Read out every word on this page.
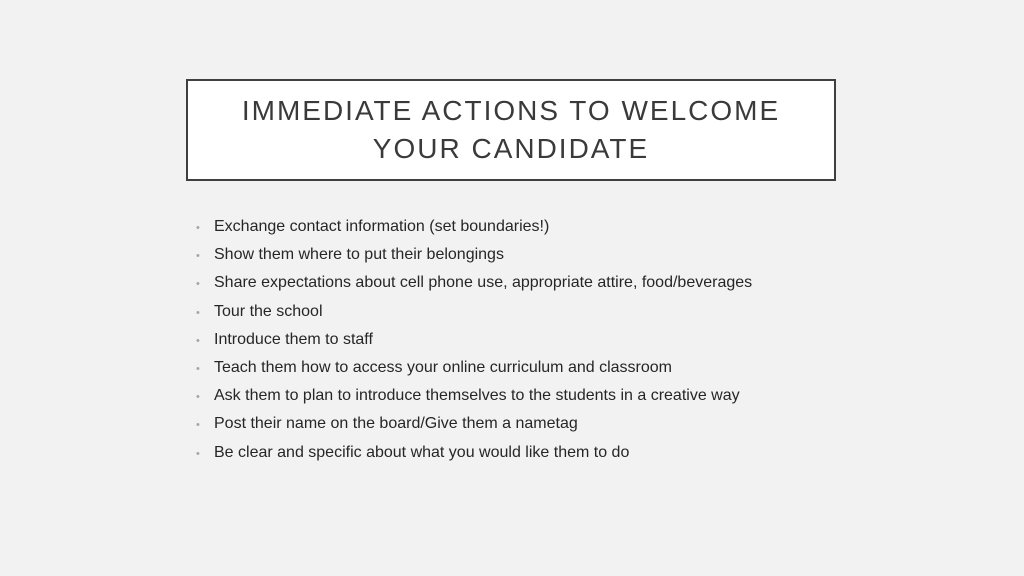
IMMEDIATE ACTIONS TO WELCOME
YOUR CANDIDATE
• Exchange contact information (set boundaries!)
• Show them where to put their belongings
• Share expectations about cell phone use, appropriate attire, food/beverages
• Tour the school
• Introduce them to staff
• Teach them how to access your online curriculum and classroom
• Ask them to plan to introduce themselves to the students in a creative way
• Post their name on the board/Give them a nametag
• Be clear and specific about what you would like them to do
